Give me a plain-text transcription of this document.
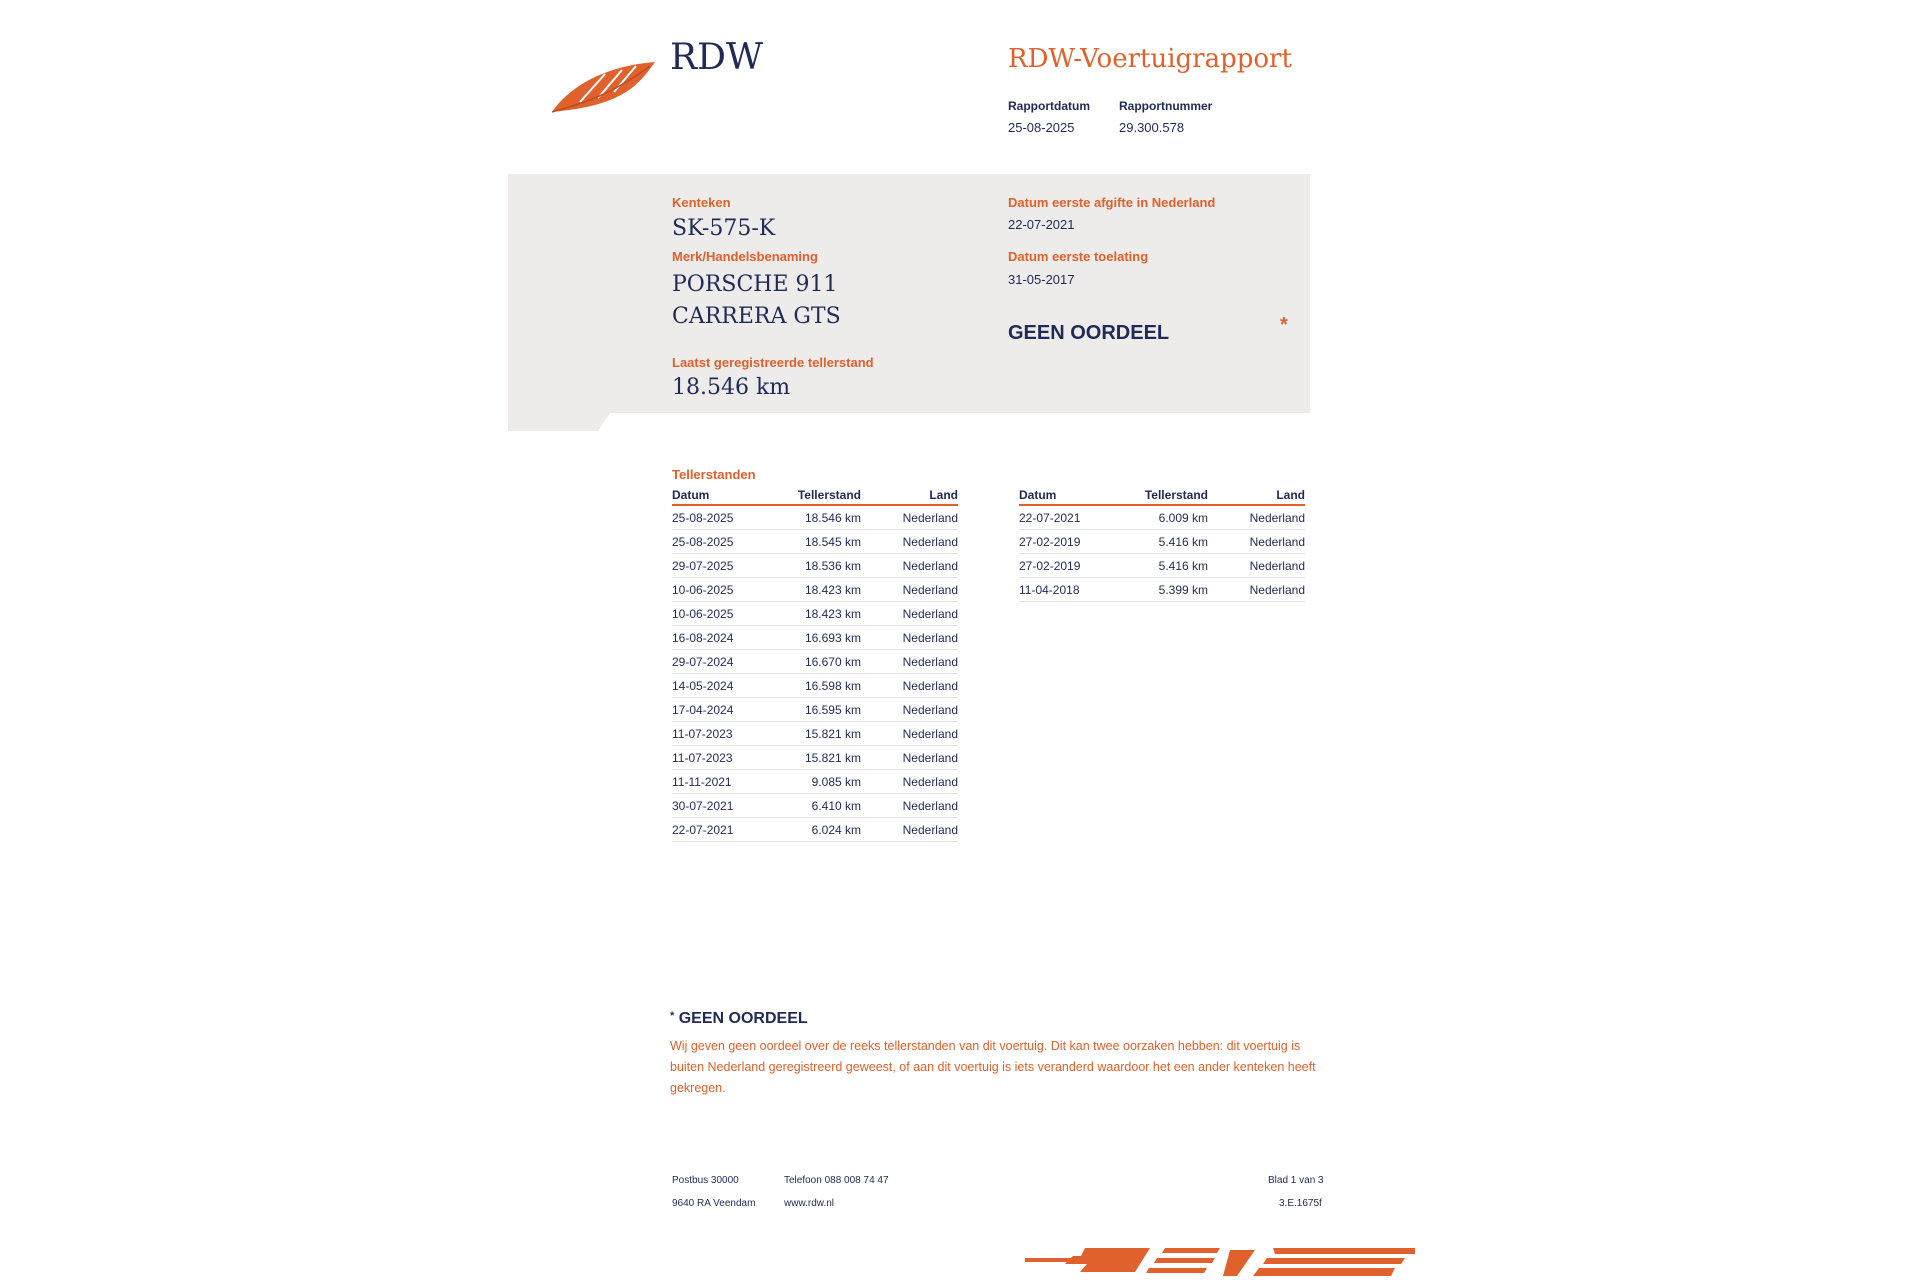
RDW	RDW-Voertuigrapport
Rapportdatum
25-08-2025
Rapportnummer
29.300.578
Kenteken
SK-575-K
Merk/Handelsbenaming
PORSCHE 911
CARRERA GTS
Laatst geregistreerde tellerstand
18.546 km
Datum eerste afgifte in Nederland
22-07-2021
Datum eerste toelating
31-05-2017
GEEN OORDEEL	*
Tellerstanden
Datum	Tellerstand	Land
25-08-2025	18.546 km	Nederland
25-08-2025	18.545 km	Nederland
29-07-2025	18.536 km	Nederland
10-06-2025	18.423 km	Nederland
10-06-2025	18.423 km	Nederland
16-08-2024	16.693 km	Nederland
29-07-2024	16.670 km	Nederland
14-05-2024	16.598 km	Nederland
17-04-2024	16.595 km	Nederland
11-07-2023	15.821 km	Nederland
11-07-2023	15.821 km	Nederland
11-11-2021	9.085 km	Nederland
30-07-2021	6.410 km	Nederland
22-07-2021	6.024 km	Nederland
Datum	Tellerstand	Land
22-07-2021	6.009 km	Nederland
27-02-2019	5.416 km	Nederland
27-02-2019	5.416 km	Nederland
11-04-2018	5.399 km	Nederland
* GEEN OORDEEL
Wij geven geen oordeel over de reeks tellerstanden van dit voertuig. Dit kan twee oorzaken hebben: dit voertuig is buiten Nederland geregistreerd geweest, of aan dit voertuig is iets veranderd waardoor het een ander kenteken heeft gekregen.
Postbus 30000
9640 RA Veendam
Telefoon 088 008 74 47
www.rdw.nl
Blad 1 van 3
3.E.1675f
